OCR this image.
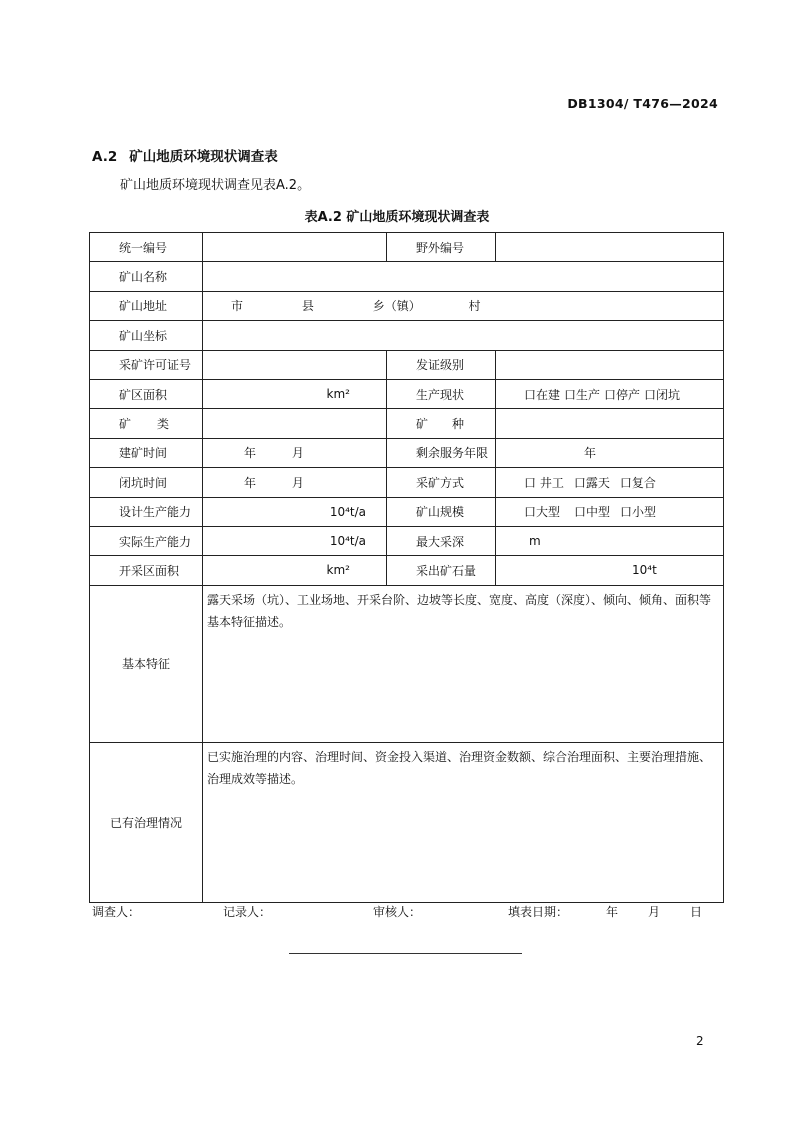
DB1304/ T476—2024
A.2 矿山地质环境现状调查表
矿山地质环境现状调查见表A.2。
表A.2 矿山地质环境现状调查表
统一编号		野外编号	
矿山名称			
矿山地址	市 县 乡（镇） 村		
矿山坐标			
采矿许可证号		发证级别	
矿区面积	km²	生产现状	口在建 口生产 口停产 口闭坑

矿 类		矿 种	

建矿时间	年 月	剩余服务年限	年
闭坑时间	年 月	采矿方式	口 井工 口露天 口复合
设计生产能力	10⁴t/a	矿山规模	口大型 口中型 口小型
实际生产能力	10⁴t/a	最大采深	m
开采区面积	km²	采出矿石量	10⁴t
基本特征	露天采场（坑）、工业场地、开采台阶、边坡等长度、宽度、高度（深度）、倾向、倾角、面积等基本特征描述。		
已有治理情况	已实施治理的内容、治理时间、资金投入渠道、治理资金数额、综合治理面积、主要治理措施、治理成效等描述。		
调查人：	记录人：	审核人：	填表日期：	年 月 日
2
